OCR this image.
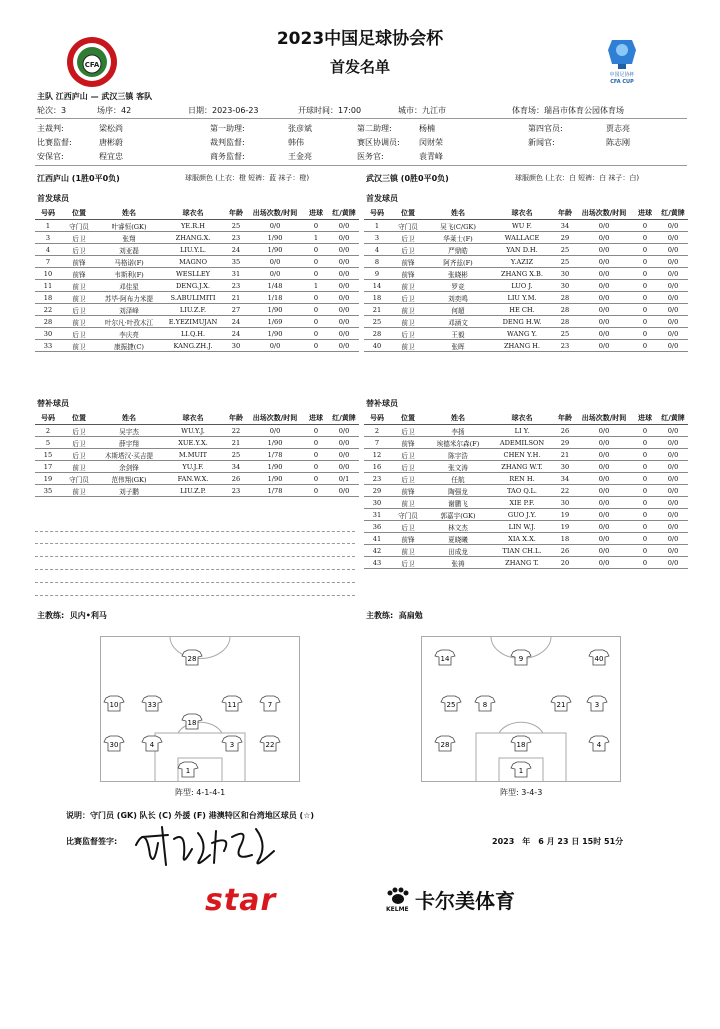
CFA
中国足协杯
CFA CUP
2023中国足球协会杯
首发名单
主队 江西庐山 — 武汉三镇 客队
轮次：3	场序：42	日期：2023-06-23	开球时间：17:00	城市：九江市	体育场：瑞昌市体育公园体育场
主裁判:	梁松尚	第一助理:	张彦斌	第二助理:	杨楠	第四官员:	贾志亮
比赛监督:	唐彬蔚	裁判监督:	韩伟	赛区协调员: 闵财荣	新闻官:	陈志刚
安保官:	程宜忠	商务监督:	王金亮	医务官:	袁青峰
江西庐山 (1胜0平0负)	球服颜色 (上衣：橙 短裤：蓝 袜子：橙)	武汉三镇 (0胜0平0负)	球服颜色 (上衣：白 短裤：白 袜子：白)
首发球员	首发球员
号码	位置	姓名	球衣名	年龄	出场次数/时间	进球	红/黄牌
1	守门员	叶睿恒(GK)	YE.R.H	25	0/0	0	0/0
3	后卫	张翔	ZHANG.X.	23	1/90	1	0/0
4	后卫	刘亚磊	LIU.Y.L.	24	1/90	0	0/0
7	前锋	马格诺(F)	MAGNO	35	0/0	0	0/0
10	前锋	韦斯利(F)	WESLLEY	31	0/0	0	0/0
11	前卫	邓佳星	DENG.J.X.	23	1/48	1	0/0
18	前卫	苏毕·阿布力米提	S.ABULIMITI	21	1/18	0	0/0
22	后卫	刘泽峰	LIU.Z.F.	27	1/90	0	0/0
28	前卫	叶尔凡·叶孜木江	E.YEZIMUJAN	24	1/69	0	0/0
30	后卫	李庆亮	LI.Q.H.	24	1/90	0	0/0
33	前卫	康振捷(C)	KANG.ZH.J.	30	0/0	0	0/0
号码	位置	姓名	球衣名	年龄	出场次数/时间	进球	红/黄牌
1	守门员	吴飞(C/GK)	WU F.	34	0/0	0	0/0
3	后卫	华莱士(F)	WALLACE	29	0/0	0	0/0
4	后卫	严鼎皓	YAN D.H.	25	0/0	0	0/0
8	前锋	阿齐兹(F)	Y.AZIZ	25	0/0	0	0/0
9	前锋	张晓彬	ZHANG X.B.	30	0/0	0	0/0
14	前卫	罗竞	LUO J.	30	0/0	0	0/0
18	后卫	刘奕鸣	LIU Y.M.	28	0/0	0	0/0
21	前卫	何超	HE CH.	28	0/0	0	0/0
25	前卫	邓涵文	DENG H.W.	28	0/0	0	0/0
28	后卫	王毅	WANG Y.	25	0/0	0	0/0
40	前卫	张晖	ZHANG H.	23	0/0	0	0/0
替补球员	替补球员
号码	位置	姓名	球衣名	年龄	出场次数/时间	进球	红/黄牌
2	后卫	吴宇杰	WU.Y.J.	22	0/0	0	0/0
5	后卫	薛宇翔	XUE.Y.X.	21	1/90	0	0/0
15	后卫	木斯塔汉·买吉提	M.MUIT	25	1/78	0	0/0
17	前卫	余剑锋	YU.J.F.	34	1/90	0	0/0
19	守门员	范伟翔(GK)	FAN.W.X.	26	1/90	0	0/1
35	前卫	刘子鹏	LIU.Z.P.	23	1/78	0	0/0
号码	位置	姓名	球衣名	年龄	出场次数/时间	进球	红/黄牌
2	后卫	李扬	LI Y.	26	0/0	0	0/0
7	前锋	埃德米尔森(F)	ADEMILSON	29	0/0	0	0/0
12	后卫	陈宇浩	CHEN Y.H.	21	0/0	0	0/0
16	后卫	张文涛	ZHANG W.T.	30	0/0	0	0/0
23	后卫	任航	REN H.	34	0/0	0	0/0
29	前锋	陶强龙	TAO Q.L.	22	0/0	0	0/0
30	前卫	谢鹏飞	XIE P.F.	30	0/0	0	0/0
31	守门员	郭嘉宇(GK)	GUO J.Y.	19	0/0	0	0/0
36	后卫	林文杰	LIN W.J.	19	0/0	0	0/0
41	前锋	夏晓曦	XIA X.X.	18	0/0	0	0/0
42	前卫	田成龙	TIAN CH.L.	26	0/0	0	0/0
43	后卫	张祷	ZHANG T.	20	0/0	0	0/0
主教练: 贝内•利马	主教练: 高扁勉
28
10	33
18
11	7
30	4	3	22
1
14	9	40
25	8	21	3
28	18	4
1
阵型: 4-1-4-1	阵型: 3-4-3
说明：守门员 (GK) 队长 (C) 外援 (F) 港澳特区和台湾地区球员 (☆)
比赛监督签字:	2023　年　6 月 23 日 15时 51分
star	KELME 卡尔美体育
